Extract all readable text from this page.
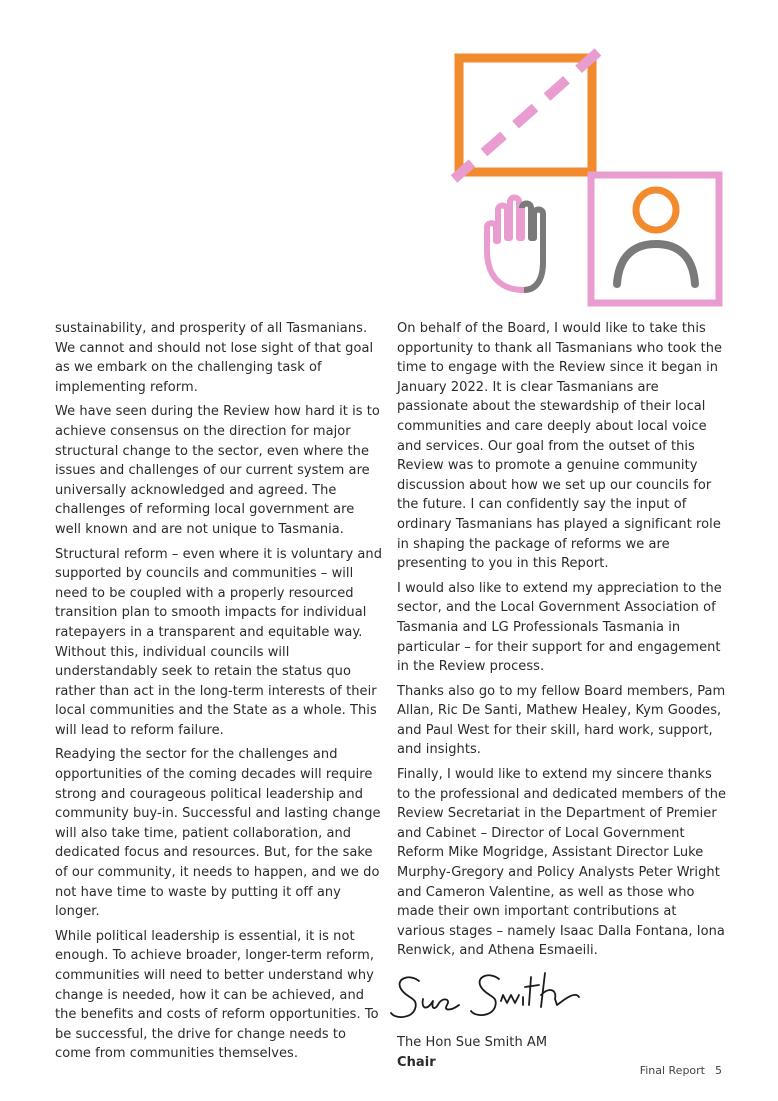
sustainability, and prosperity of all Tasmanians. We cannot and should not lose sight of that goal as we embark on the challenging task of implementing reform.

We have seen during the Review how hard it is to achieve consensus on the direction for major structural change to the sector, even where the issues and challenges of our current system are universally acknowledged and agreed. The challenges of reforming local government are well known and are not unique to Tasmania.

Structural reform – even where it is voluntary and supported by councils and communities – will need to be coupled with a properly resourced transition plan to smooth impacts for individual ratepayers in a transparent and equitable way. Without this, individual councils will understandably seek to retain the status quo rather than act in the long-term interests of their local communities and the State as a whole. This will lead to reform failure.

Readying the sector for the challenges and opportunities of the coming decades will require strong and courageous political leadership and community buy-in. Successful and lasting change will also take time, patient collaboration, and dedicated focus and resources. But, for the sake of our community, it needs to happen, and we do not have time to waste by putting it off any longer.

While political leadership is essential, it is not enough. To achieve broader, longer-term reform, communities will need to better understand why change is needed, how it can be achieved, and the benefits and costs of reform opportunities. To be successful, the drive for change needs to come from communities themselves.

On behalf of the Board, I would like to take this opportunity to thank all Tasmanians who took the time to engage with the Review since it began in January 2022. It is clear Tasmanians are passionate about the stewardship of their local communities and care deeply about local voice and services. Our goal from the outset of this Review was to promote a genuine community discussion about how we set up our councils for the future. I can confidently say the input of ordinary Tasmanians has played a significant role in shaping the package of reforms we are presenting to you in this Report.

I would also like to extend my appreciation to the sector, and the Local Government Association of Tasmania and LG Professionals Tasmania in particular – for their support for and engagement in the Review process.

Thanks also go to my fellow Board members, Pam Allan, Ric De Santi, Mathew Healey, Kym Goodes, and Paul West for their skill, hard work, support, and insights.

Finally, I would like to extend my sincere thanks to the professional and dedicated members of the Review Secretariat in the Department of Premier and Cabinet – Director of Local Government Reform Mike Mogridge, Assistant Director Luke Murphy-Gregory and Policy Analysts Peter Wright and Cameron Valentine, as well as those who made their own important contributions at various stages – namely Isaac Dalla Fontana, Iona Renwick, and Athena Esmaeili.

The Hon Sue Smith AM
Chair
Final Report 5
